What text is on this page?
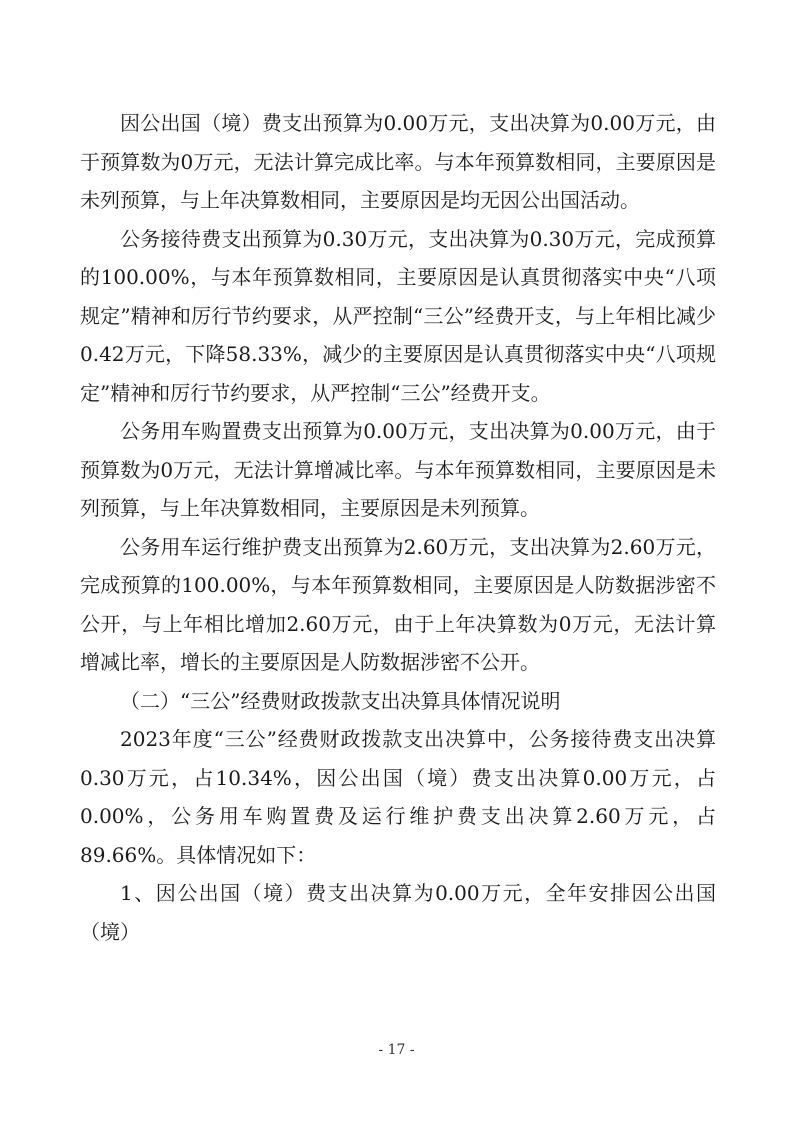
因公出国（境）费支出预算为0.00万元，支出决算为0.00万元，由于预算数为0万元，无法计算完成比率。与本年预算数相同，主要原因是未列预算，与上年决算数相同，主要原因是均无因公出国活动。

公务接待费支出预算为0.30万元，支出决算为0.30万元，完成预算的100.00%，与本年预算数相同，主要原因是认真贯彻落实中央“八项规定”精神和厉行节约要求，从严控制“三公”经费开支，与上年相比减少0.42万元，下降58.33%，减少的主要原因是认真贯彻落实中央“八项规定”精神和厉行节约要求，从严控制“三公”经费开支。

公务用车购置费支出预算为0.00万元，支出决算为0.00万元，由于预算数为0万元，无法计算增减比率。与本年预算数相同，主要原因是未列预算，与上年决算数相同，主要原因是未列预算。

公务用车运行维护费支出预算为2.60万元，支出决算为2.60万元，完成预算的100.00%，与本年预算数相同，主要原因是人防数据涉密不公开，与上年相比增加2.60万元，由于上年决算数为0万元，无法计算增减比率，增长的主要原因是人防数据涉密不公开。

（二）“三公”经费财政拨款支出决算具体情况说明

2023年度“三公”经费财政拨款支出决算中，公务接待费支出决算0.30万元，占10.34%，因公出国（境）费支出决算0.00万元，占0.00%，公务用车购置费及运行维护费支出决算2.60万元，占89.66%。具体情况如下：

1、因公出国（境）费支出决算为0.00万元，全年安排因公出国（境）

- 17 -
